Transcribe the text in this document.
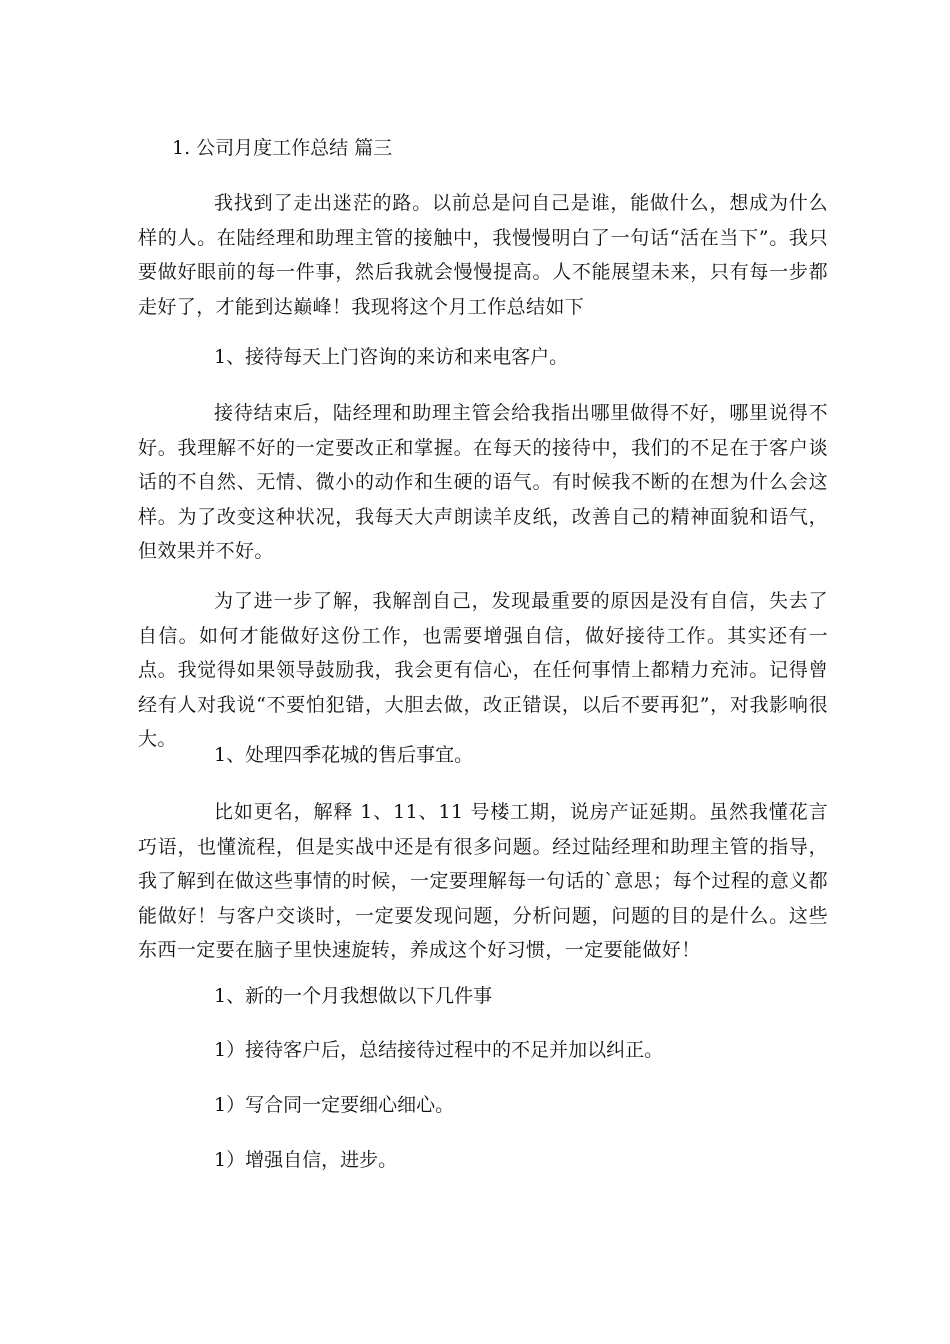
1. 公司月度工作总结 篇三

我找到了走出迷茫的路。以前总是问自己是谁，能做什么，想成为什么样的人。在陆经理和助理主管的接触中，我慢慢明白了一句话“活在当下”。我只要做好眼前的每一件事，然后我就会慢慢提高。人不能展望未来，只有每一步都走好了，才能到达巅峰！我现将这个月工作总结如下

1、接待每天上门咨询的来访和来电客户。

接待结束后，陆经理和助理主管会给我指出哪里做得不好，哪里说得不好。我理解不好的一定要改正和掌握。在每天的接待中，我们的不足在于客户谈话的不自然、无情、微小的动作和生硬的语气。有时候我不断的在想为什么会这样。为了改变这种状况，我每天大声朗读羊皮纸，改善自己的精神面貌和语气，但效果并不好。

为了进一步了解，我解剖自己，发现最重要的原因是没有自信，失去了自信。如何才能做好这份工作，也需要增强自信，做好接待工作。其实还有一点。我觉得如果领导鼓励我，我会更有信心，在任何事情上都精力充沛。记得曾经有人对我说“不要怕犯错，大胆去做，改正错误，以后不要再犯”，对我影响很大。

1、处理四季花城的售后事宜。

比如更名，解释 1、11、11 号楼工期，说房产证延期。虽然我懂花言巧语，也懂流程，但是实战中还是有很多问题。经过陆经理和助理主管的指导，我了解到在做这些事情的时候，一定要理解每一句话的`意思；每个过程的意义都能做好！与客户交谈时，一定要发现问题，分析问题，问题的目的是什么。这些东西一定要在脑子里快速旋转，养成这个好习惯，一定要能做好！

1、新的一个月我想做以下几件事
1）接待客户后，总结接待过程中的不足并加以纠正。
1）写合同一定要细心细心。
1）增强自信，进步。
